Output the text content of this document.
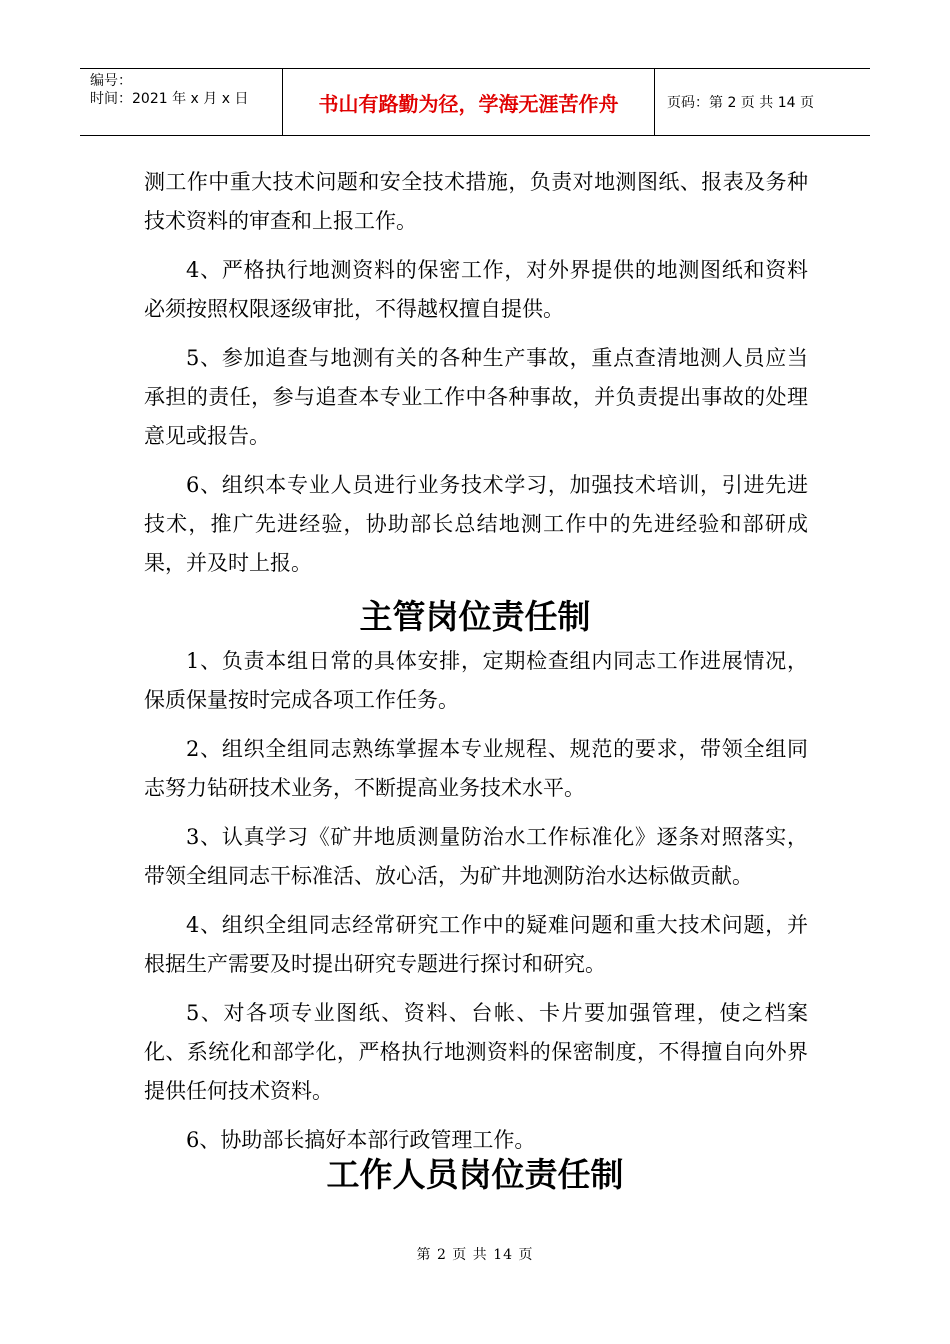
编号：
时间：2021 年 x 月 x 日	书山有路勤为径，学海无涯苦作舟	页码：第 2 页 共 14 页

测工作中重大技术问题和安全技术措施，负责对地测图纸、报表及务种技术资料的审查和上报工作。

4、严格执行地测资料的保密工作，对外界提供的地测图纸和资料必须按照权限逐级审批，不得越权擅自提供。

5、参加追查与地测有关的各种生产事故，重点查清地测人员应当承担的责任，参与追查本专业工作中各种事故，并负责提出事故的处理意见或报告。

6、组织本专业人员进行业务技术学习，加强技术培训，引进先进技术，推广先进经验，协助部长总结地测工作中的先进经验和部研成果，并及时上报。

主管岗位责任制

1、负责本组日常的具体安排，定期检查组内同志工作进展情况，保质保量按时完成各项工作任务。

2、组织全组同志熟练掌握本专业规程、规范的要求，带领全组同志努力钻研技术业务，不断提高业务技术水平。

3、认真学习《矿井地质测量防治水工作标准化》逐条对照落实，带领全组同志干标准活、放心活，为矿井地测防治水达标做贡献。

4、组织全组同志经常研究工作中的疑难问题和重大技术问题，并根据生产需要及时提出研究专题进行探讨和研究。

5、对各项专业图纸、资料、台帐、卡片要加强管理，使之档案化、系统化和部学化，严格执行地测资料的保密制度，不得擅自向外界提供任何技术资料。

6、协助部长搞好本部行政管理工作。

工作人员岗位责任制
第 2 页 共 14 页
